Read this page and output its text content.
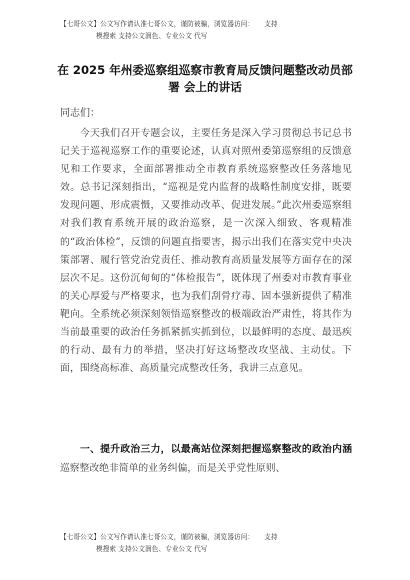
【七哥公文】公文写作请认准七哥公文，谨防被骗，浏览器访问： 支持
模搜索 支持公文润色、专业公文 代写
在 2025 年州委巡察组巡察市教育局反馈问题整改动员部署 会上的讲话
同志们：
今天我们召开专题会议，主要任务是深入学习贯彻总书记总书记关于巡视巡察工作的重要论述，认真对照州委第巡察组的反馈意见和工作要求，全面部署推动全市教育系统巡察整改任务落地见效。总书记深刻指出，“巡视是党内监督的战略性制度安排，既要发现问题、形成震慑，又要推动改革、促进发展。”此次州委巡察组对我们教育系统开展的政治巡察，是一次深入细致、客观精准的“政治体检”，反馈的问题直指要害，揭示出我们在落实党中央决策部署、履行管党治党责任、推动教育高质量发展等方面存在的深层次不足。这份沉甸甸的“体检报告”，既体现了州委对市教育事业的关心厚爱与严格要求，也为我们刮骨疗毒、固本强新提供了精准靶向。全系统必须深刻领悟巡察整改的极端政治严肃性，将其作为当前最重要的政治任务抓紧抓实抓到位，以最鲜明的态度、最迅疾的行动、最有力的举措，坚决打好这场整改攻坚战、主动仗。下面，围绕高标准、高质量完成整改任务，我讲三点意见。
一、提升政治三力，以最高站位深刻把握巡察整改的政治内涵巡察整改绝非简单的业务纠偏，而是关乎党性原则、
【七哥公文】公文写作请认准七哥公文，谨防被骗，浏览器访问： 支持
模搜索 支持公文润色、专业公文 代写
